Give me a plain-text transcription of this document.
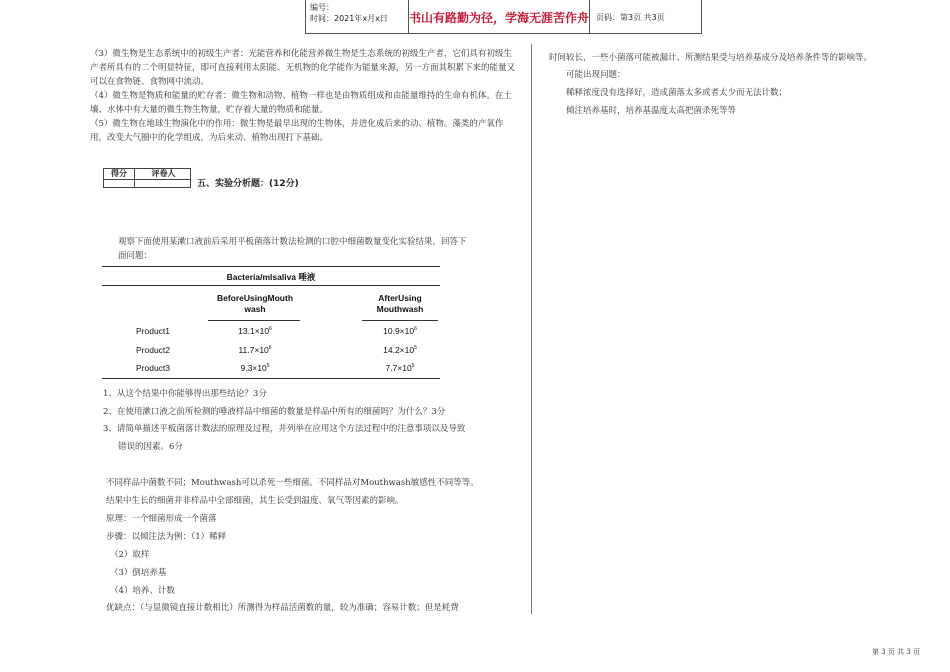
编号：
时间：2021年x月x日	书山有路勤为径，学海无涯苦作舟 页码：第3页 共3页
（3）微生物是生态系统中的初级生产者：光能营养和化能营养微生物是生态系统的初级生产者，它们具有初级生产者所具有的二个明显特征，即可直接利用太阳能、无机物的化学能作为能量来源，另一方面其积累下来的能量又可以在食物链、食物网中流动。
（4）微生物是物质和能量的贮存者：微生物和动物、植物一样也是由物质组成和由能量维持的生命有机体。在土壤、水体中有大量的微生物生物量，贮存着大量的物质和能量。
（5）微生物在地球生物演化中的作用：微生物是最早出现的生物体，并进化成后来的动、植物。藻类的产氧作用，改变大气圈中的化学组成，为后来动、植物出现打下基础。
得分	评卷人
五、实验分析题：(12分)
观察下面使用某漱口液前后采用平板菌落计数法检测的口腔中细菌数量变化实验结果，回答下
面问题：
Bacteria/mlsaliva 唾液
BeforeUsingMouth
wash
AfterUsing
Mouthwash
Product1	$13.1\times 10^6$	$10.9\times 10^6$
Product2	$11.7\times 10^6$	$14.2\times 10^5$
Product3	$9.3\times 10^5$	$7.7\times 10^5$
1、从这个结果中你能够得出那些结论？3分
2、在使用漱口液之前所检测的唾液样品中细菌的数量是样品中所有的细菌吗？为什么？3分
3、请简单描述平板菌落计数法的原理及过程，并列举在应用这个方法过程中的注意事项以及导致
错误的因素。6分
不同样品中菌数不同；Mouthwash可以杀死一些细菌。不同样品对Mouthwash敏感性不同等等。
结果中生长的细菌并非样品中全部细菌，其生长受到温度、氧气等因素的影响。
原理：一个细菌形成一个菌落
步骤：以倾注法为例：（1）稀释
（2）取样
（3）倒培养基
（4）培养、计数
优缺点：（与显微镜直接计数相比）所测得为样品活菌数的量，较为准确；容易计数；但是耗费
时间较长，一些小菌落可能被漏计、所测结果受与培养基成分及培养条件等的影响等。
可能出现问题：
稀释浓度没有选择好，造成菌落太多或者太少而无法计数；
倾注培养基时，培养基温度太高把菌杀死等等
第 3 页 共 3 页
